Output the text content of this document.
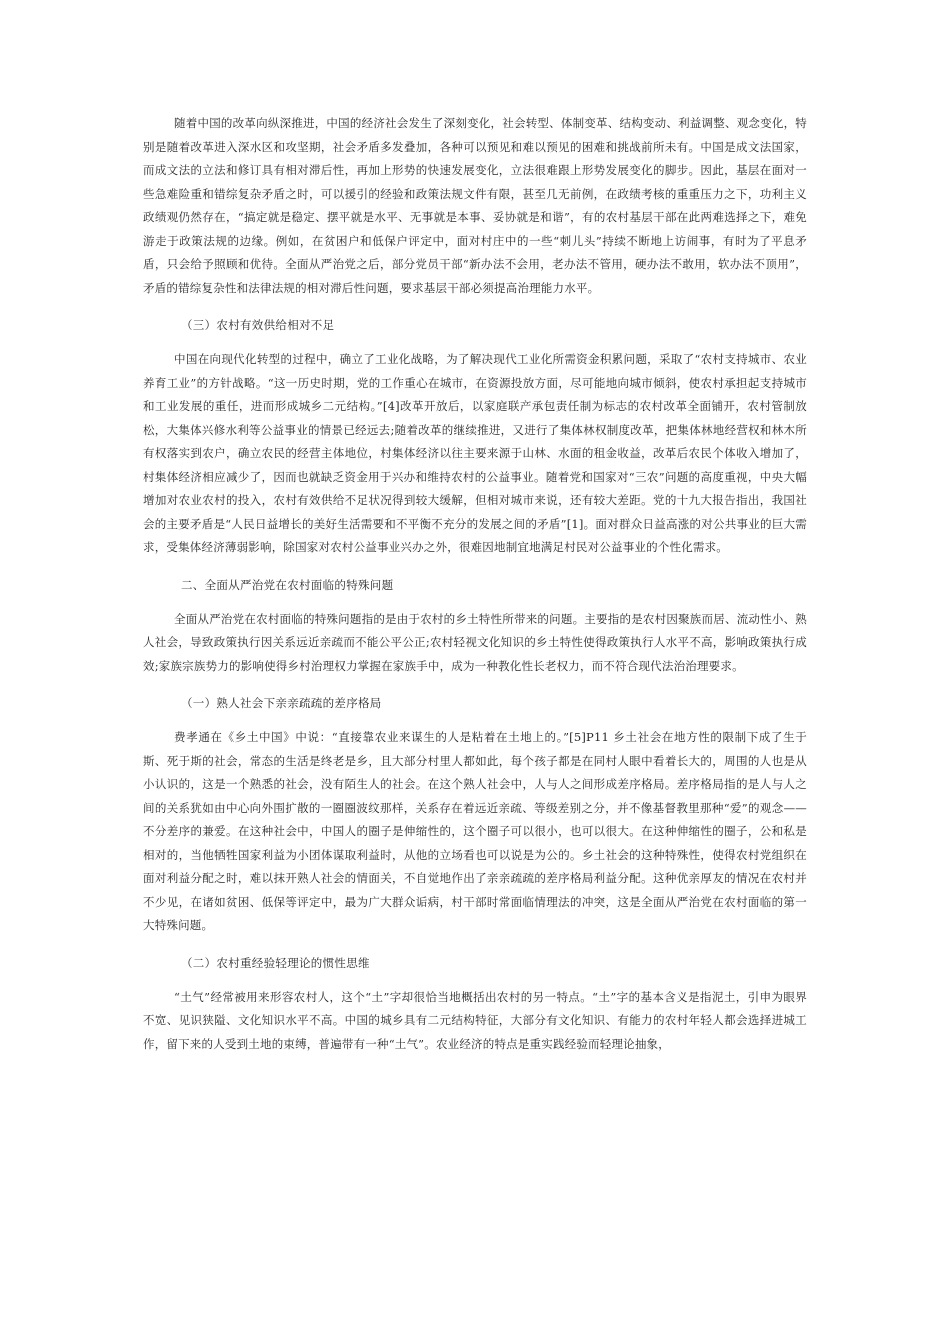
随着中国的改革向纵深推进，中国的经济社会发生了深刻变化，社会转型、体制变革、结构变动、利益调整、观念变化，特别是随着改革进入深水区和攻坚期，社会矛盾多发叠加，各种可以预见和难以预见的困难和挑战前所未有。中国是成文法国家，而成文法的立法和修订具有相对滞后性，再加上形势的快速发展变化，立法很难跟上形势发展变化的脚步。因此，基层在面对一些急难险重和错综复杂矛盾之时，可以援引的经验和政策法规文件有限，甚至几无前例，在政绩考核的重重压力之下，功利主义政绩观仍然存在，“搞定就是稳定、摆平就是水平、无事就是本事、妥协就是和谐”，有的农村基层干部在此两难选择之下，难免游走于政策法规的边缘。例如，在贫困户和低保户评定中，面对村庄中的一些“刺儿头”持续不断地上访闹事，有时为了平息矛盾，只会给予照顾和优待。全面从严治党之后，部分党员干部“新办法不会用，老办法不管用，硬办法不敢用，软办法不顶用”，矛盾的错综复杂性和法律法规的相对滞后性问题，要求基层干部必须提高治理能力水平。

（三）农村有效供给相对不足

中国在向现代化转型的过程中，确立了工业化战略，为了解决现代工业化所需资金积累问题，采取了“农村支持城市、农业养育工业”的方针战略。“这一历史时期，党的工作重心在城市，在资源投放方面，尽可能地向城市倾斜，使农村承担起支持城市和工业发展的重任，进而形成城乡二元结构。”[4]改革开放后，以家庭联产承包责任制为标志的农村改革全面铺开，农村管制放松，大集体兴修水利等公益事业的情景已经远去;随着改革的继续推进，又进行了集体林权制度改革，把集体林地经营权和林木所有权落实到农户，确立农民的经营主体地位，村集体经济以往主要来源于山林、水面的租金收益，改革后农民个体收入增加了，村集体经济相应减少了，因而也就缺乏资金用于兴办和维持农村的公益事业。随着党和国家对“三农”问题的高度重视，中央大幅增加对农业农村的投入，农村有效供给不足状况得到较大缓解，但相对城市来说，还有较大差距。党的十九大报告指出，我国社会的主要矛盾是“人民日益增长的美好生活需要和不平衡不充分的发展之间的矛盾”[1]。面对群众日益高涨的对公共事业的巨大需求，受集体经济薄弱影响，除国家对农村公益事业兴办之外，很难因地制宜地满足村民对公益事业的个性化需求。

二、全面从严治党在农村面临的特殊问题

全面从严治党在农村面临的特殊问题指的是由于农村的乡土特性所带来的问题。主要指的是农村因聚族而居、流动性小、熟人社会，导致政策执行因关系远近亲疏而不能公平公正;农村轻视文化知识的乡土特性使得政策执行人水平不高，影响政策执行成效;家族宗族势力的影响使得乡村治理权力掌握在家族手中，成为一种教化性长老权力，而不符合现代法治治理要求。

（一）熟人社会下亲亲疏疏的差序格局

费孝通在《乡土中国》中说：“直接靠农业来谋生的人是粘着在土地上的。”[5]P11 乡土社会在地方性的限制下成了生于斯、死于斯的社会，常态的生活是终老是乡，且大部分村里人都如此，每个孩子都是在同村人眼中看着长大的，周围的人也是从小认识的，这是一个熟悉的社会，没有陌生人的社会。在这个熟人社会中，人与人之间形成差序格局。差序格局指的是人与人之间的关系犹如由中心向外围扩散的一圈圈波纹那样，关系存在着远近亲疏、等级差别之分，并不像基督教里那种“爱”的观念——不分差序的兼爱。在这种社会中，中国人的圈子是伸缩性的，这个圈子可以很小，也可以很大。在这种伸缩性的圈子，公和私是相对的，当他牺牲国家利益为小团体谋取利益时，从他的立场看也可以说是为公的。乡土社会的这种特殊性，使得农村党组织在面对利益分配之时，难以抹开熟人社会的情面关，不自觉地作出了亲亲疏疏的差序格局利益分配。这种优亲厚友的情况在农村并不少见，在诸如贫困、低保等评定中，最为广大群众诟病，村干部时常面临情理法的冲突，这是全面从严治党在农村面临的第一大特殊问题。

（二）农村重经验轻理论的惯性思维

“土气”经常被用来形容农村人，这个“土”字却很恰当地概括出农村的另一特点。“土”字的基本含义是指泥土，引申为眼界不宽、见识狭隘、文化知识水平不高。中国的城乡具有二元结构特征，大部分有文化知识、有能力的农村年轻人都会选择进城工作，留下来的人受到土地的束缚，普遍带有一种“土气”。农业经济的特点是重实践经验而轻理论抽象，
